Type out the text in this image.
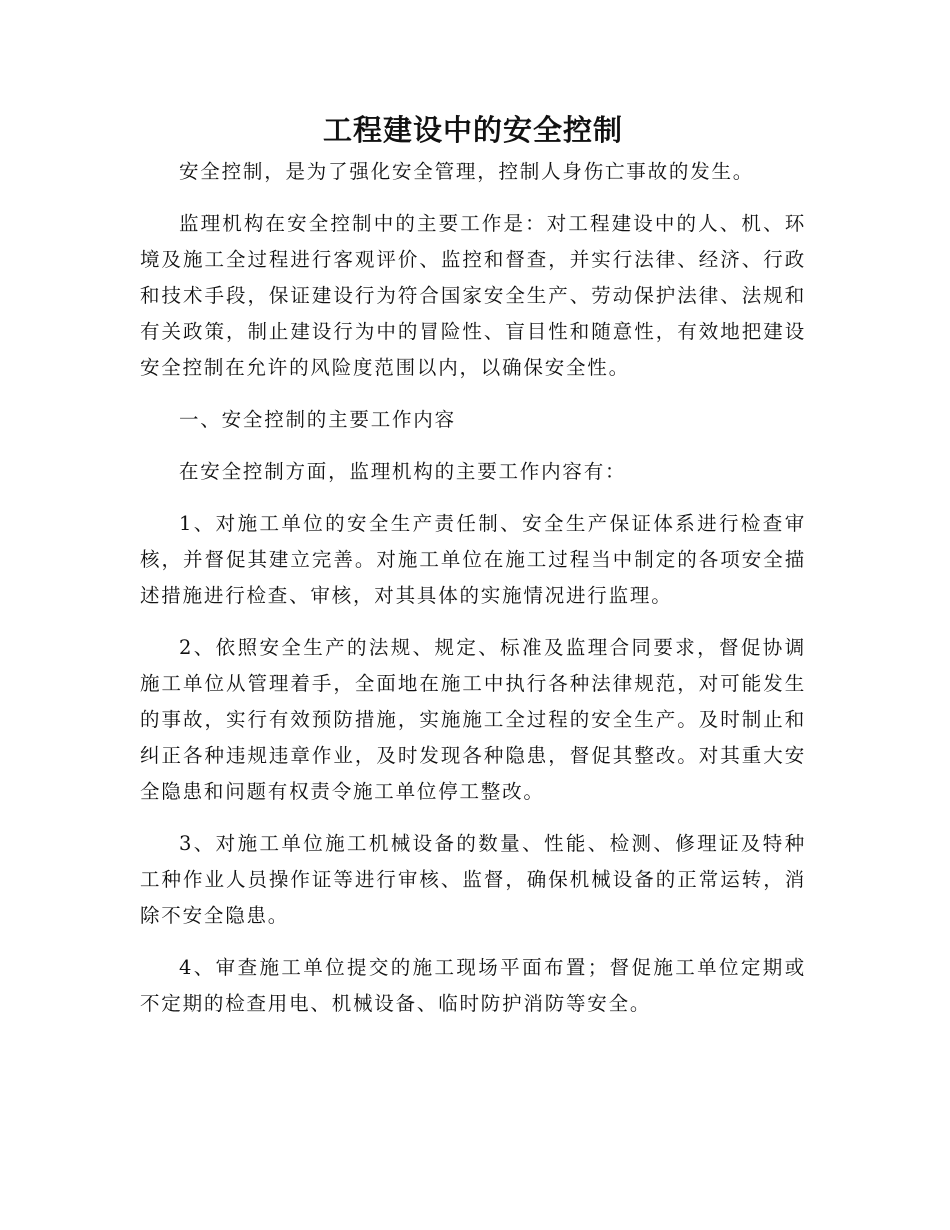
工程建设中的安全控制

安全控制，是为了强化安全管理，控制人身伤亡事故的发生。

监理机构在安全控制中的主要工作是：对工程建设中的人、机、环境及施工全过程进行客观评价、监控和督查，并实行法律、经济、行政和技术手段，保证建设行为符合国家安全生产、劳动保护法律、法规和有关政策，制止建设行为中的冒险性、盲目性和随意性，有效地把建设安全控制在允许的风险度范围以内，以确保安全性。

一、安全控制的主要工作内容

在安全控制方面，监理机构的主要工作内容有：

1、对施工单位的安全生产责任制、安全生产保证体系进行检查审核，并督促其建立完善。对施工单位在施工过程当中制定的各项安全描述措施进行检查、审核，对其具体的实施情况进行监理。

2、依照安全生产的法规、规定、标准及监理合同要求，督促协调施工单位从管理着手，全面地在施工中执行各种法律规范，对可能发生的事故，实行有效预防措施，实施施工全过程的安全生产。及时制止和纠正各种违规违章作业，及时发现各种隐患，督促其整改。对其重大安全隐患和问题有权责令施工单位停工整改。

3、对施工单位施工机械设备的数量、性能、检测、修理证及特种工种作业人员操作证等进行审核、监督，确保机械设备的正常运转，消除不安全隐患。

4、审查施工单位提交的施工现场平面布置；督促施工单位定期或不定期的检查用电、机械设备、临时防护消防等安全。
